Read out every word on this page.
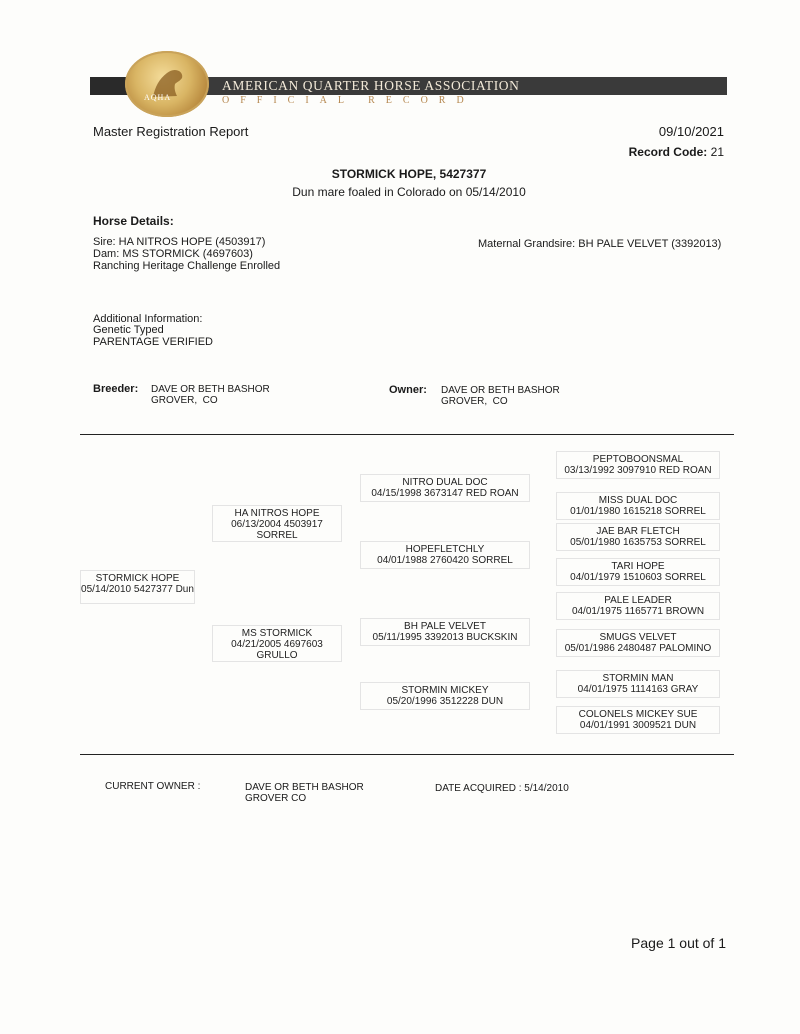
AQHA
AMERICAN QUARTER HORSE ASSOCIATION
OFFICIAL RECORD
Master Registration Report	09/10/2021
Record Code: 21
STORMICK HOPE, 5427377
Dun mare foaled in Colorado on 05/14/2010
Horse Details:
Sire: HA NITROS HOPE (4503917)
Dam: MS STORMICK (4697603)
Ranching Heritage Challenge Enrolled
Maternal Grandsire: BH PALE VELVET (3392013)
Additional Information:
Genetic Typed
PARENTAGE VERIFIED
Breeder: DAVE OR BETH BASHOR
GROVER,  CO
Owner: DAVE OR BETH BASHOR
GROVER,  CO
STORMICK HOPE
05/14/2010 5427377 Dun
HA NITROS HOPE
06/13/2004 4503917
SORREL
MS STORMICK
04/21/2005 4697603
GRULLO
NITRO DUAL DOC
04/15/1998 3673147 RED ROAN
HOPEFLETCHLY
04/01/1988 2760420 SORREL
BH PALE VELVET
05/11/1995 3392013 BUCKSKIN
STORMIN MICKEY
05/20/1996 3512228 DUN
PEPTOBOONSMAL
03/13/1992 3097910 RED ROAN
MISS DUAL DOC
01/01/1980 1615218 SORREL
JAE BAR FLETCH
05/01/1980 1635753 SORREL
TARI HOPE
04/01/1979 1510603 SORREL
PALE LEADER
04/01/1975 1165771 BROWN
SMUGS VELVET
05/01/1986 2480487 PALOMINO
STORMIN MAN
04/01/1975 1114163 GRAY
COLONELS MICKEY SUE
04/01/1991 3009521 DUN
CURRENT OWNER :	DAVE OR BETH BASHOR
GROVER CO
DATE ACQUIRED : 5/14/2010
Page 1 out of 1
